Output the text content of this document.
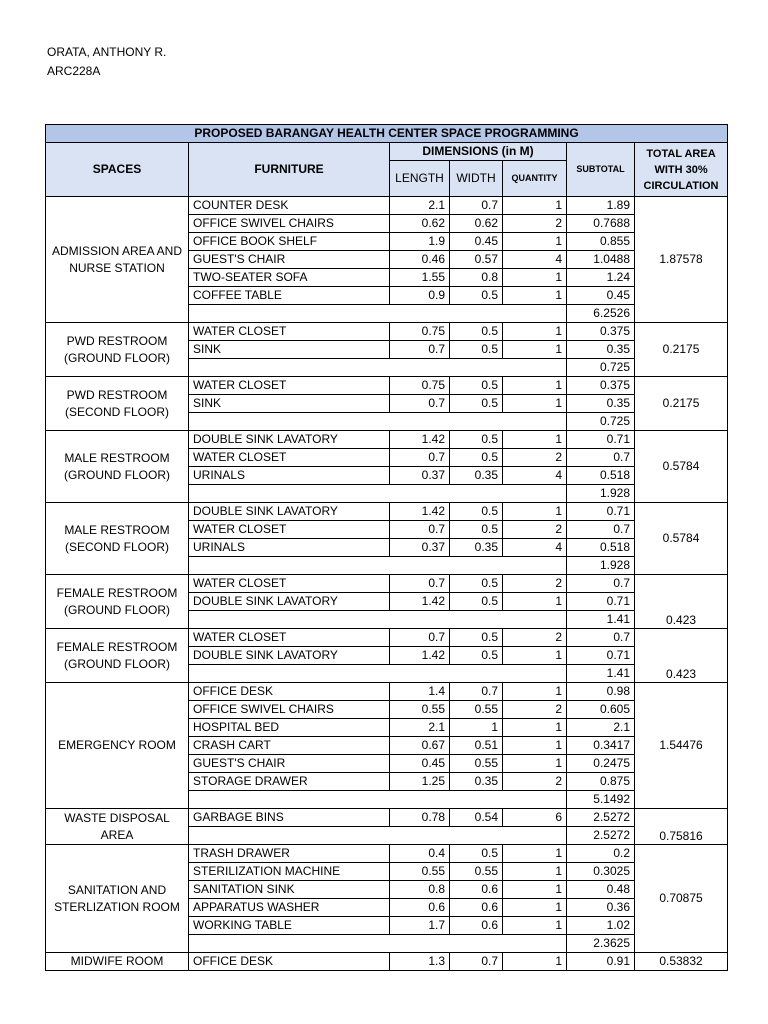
ORATA, ANTHONY R.
ARC228A
PROPOSED BARANGAY HEALTH CENTER SPACE PROGRAMMING						
SPACES	FURNITURE	DIMENSIONS (in M)			SUBTOTAL	TOTAL AREA WITH 30% CIRCULATION
		LENGTH	WIDTH	QUANTITY		
ADMISSION AREA AND NURSE STATION	COUNTER DESK	2.1	0.7	1	1.89	1.87578
	OFFICE SWIVEL CHAIRS	0.62	0.62	2	0.7688	
	OFFICE BOOK SHELF	1.9	0.45	1	0.855	
	GUEST'S CHAIR	0.46	0.57	4	1.0488	
	TWO-SEATER SOFA	1.55	0.8	1	1.24	
	COFFEE TABLE	0.9	0.5	1	0.45	
					6.2526	
PWD RESTROOM (GROUND FLOOR)	WATER CLOSET	0.75	0.5	1	0.375	0.2175
	SINK	0.7	0.5	1	0.35	
					0.725	
PWD RESTROOM (SECOND FLOOR)	WATER CLOSET	0.75	0.5	1	0.375	0.2175
	SINK	0.7	0.5	1	0.35	
					0.725	
MALE RESTROOM (GROUND FLOOR)	DOUBLE SINK LAVATORY	1.42	0.5	1	0.71	0.5784
	WATER CLOSET	0.7	0.5	2	0.7	
	URINALS	0.37	0.35	4	0.518	
					1.928	
MALE RESTROOM (SECOND FLOOR)	DOUBLE SINK LAVATORY	1.42	0.5	1	0.71	0.5784
	WATER CLOSET	0.7	0.5	2	0.7	
	URINALS	0.37	0.35	4	0.518	
					1.928	
FEMALE RESTROOM (GROUND FLOOR)	WATER CLOSET	0.7	0.5	2	0.7	0.423
	DOUBLE SINK LAVATORY	1.42	0.5	1	0.71	
					1.41	
FEMALE RESTROOM (GROUND FLOOR)	WATER CLOSET	0.7	0.5	2	0.7	0.423
	DOUBLE SINK LAVATORY	1.42	0.5	1	0.71	
					1.41	
EMERGENCY ROOM	OFFICE DESK	1.4	0.7	1	0.98	1.54476
	OFFICE SWIVEL CHAIRS	0.55	0.55	2	0.605	
	HOSPITAL BED	2.1	1	1	2.1	
	CRASH CART	0.67	0.51	1	0.3417	
	GUEST'S CHAIR	0.45	0.55	1	0.2475	
	STORAGE DRAWER	1.25	0.35	2	0.875	
					5.1492	
WASTE DISPOSAL AREA	GARBAGE BINS	0.78	0.54	6	2.5272	0.75816
					2.5272	
SANITATION AND STERLIZATION ROOM	TRASH DRAWER	0.4	0.5	1	0.2	0.70875
	STERILIZATION MACHINE	0.55	0.55	1	0.3025	
	SANITATION SINK	0.8	0.6	1	0.48	
	APPARATUS WASHER	0.6	0.6	1	0.36	
	WORKING TABLE	1.7	0.6	1	1.02	
					2.3625	
MIDWIFE ROOM	OFFICE DESK	1.3	0.7	1	0.91	0.53832
